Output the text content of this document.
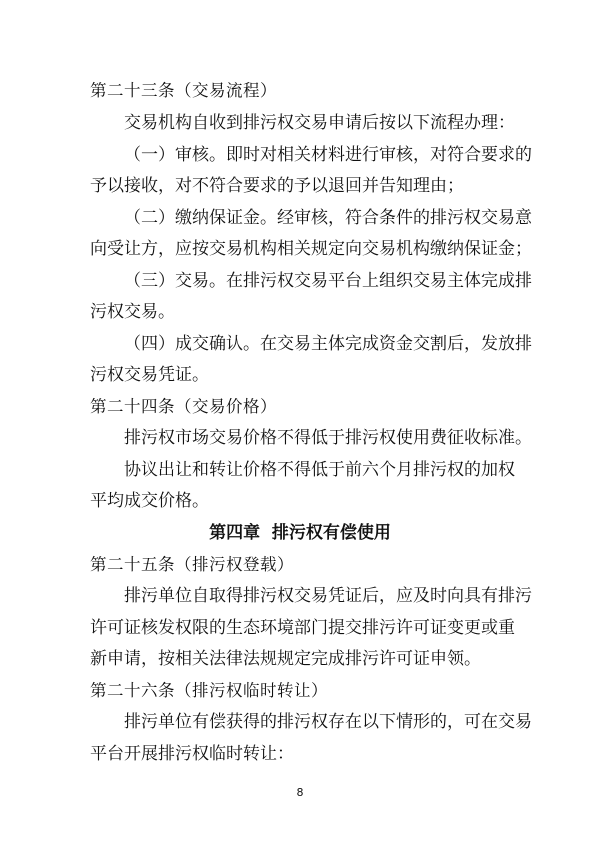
第二十三条（交易流程）
交易机构自收到排污权交易申请后按以下流程办理：
（一）审核。即时对相关材料进行审核，对符合要求的
予以接收，对不符合要求的予以退回并告知理由；
（二）缴纳保证金。经审核，符合条件的排污权交易意
向受让方，应按交易机构相关规定向交易机构缴纳保证金；
（三）交易。在排污权交易平台上组织交易主体完成排
污权交易。
（四）成交确认。在交易主体完成资金交割后，发放排
污权交易凭证。
第二十四条（交易价格）
排污权市场交易价格不得低于排污权使用费征收标准。
协议出让和转让价格不得低于前六个月排污权的加权
平均成交价格。
第四章  排污权有偿使用
第二十五条（排污权登载）
排污单位自取得排污权交易凭证后，应及时向具有排污
许可证核发权限的生态环境部门提交排污许可证变更或重
新申请，按相关法律法规规定完成排污许可证申领。
第二十六条（排污权临时转让）
排污单位有偿获得的排污权存在以下情形的，可在交易
平台开展排污权临时转让：
8
